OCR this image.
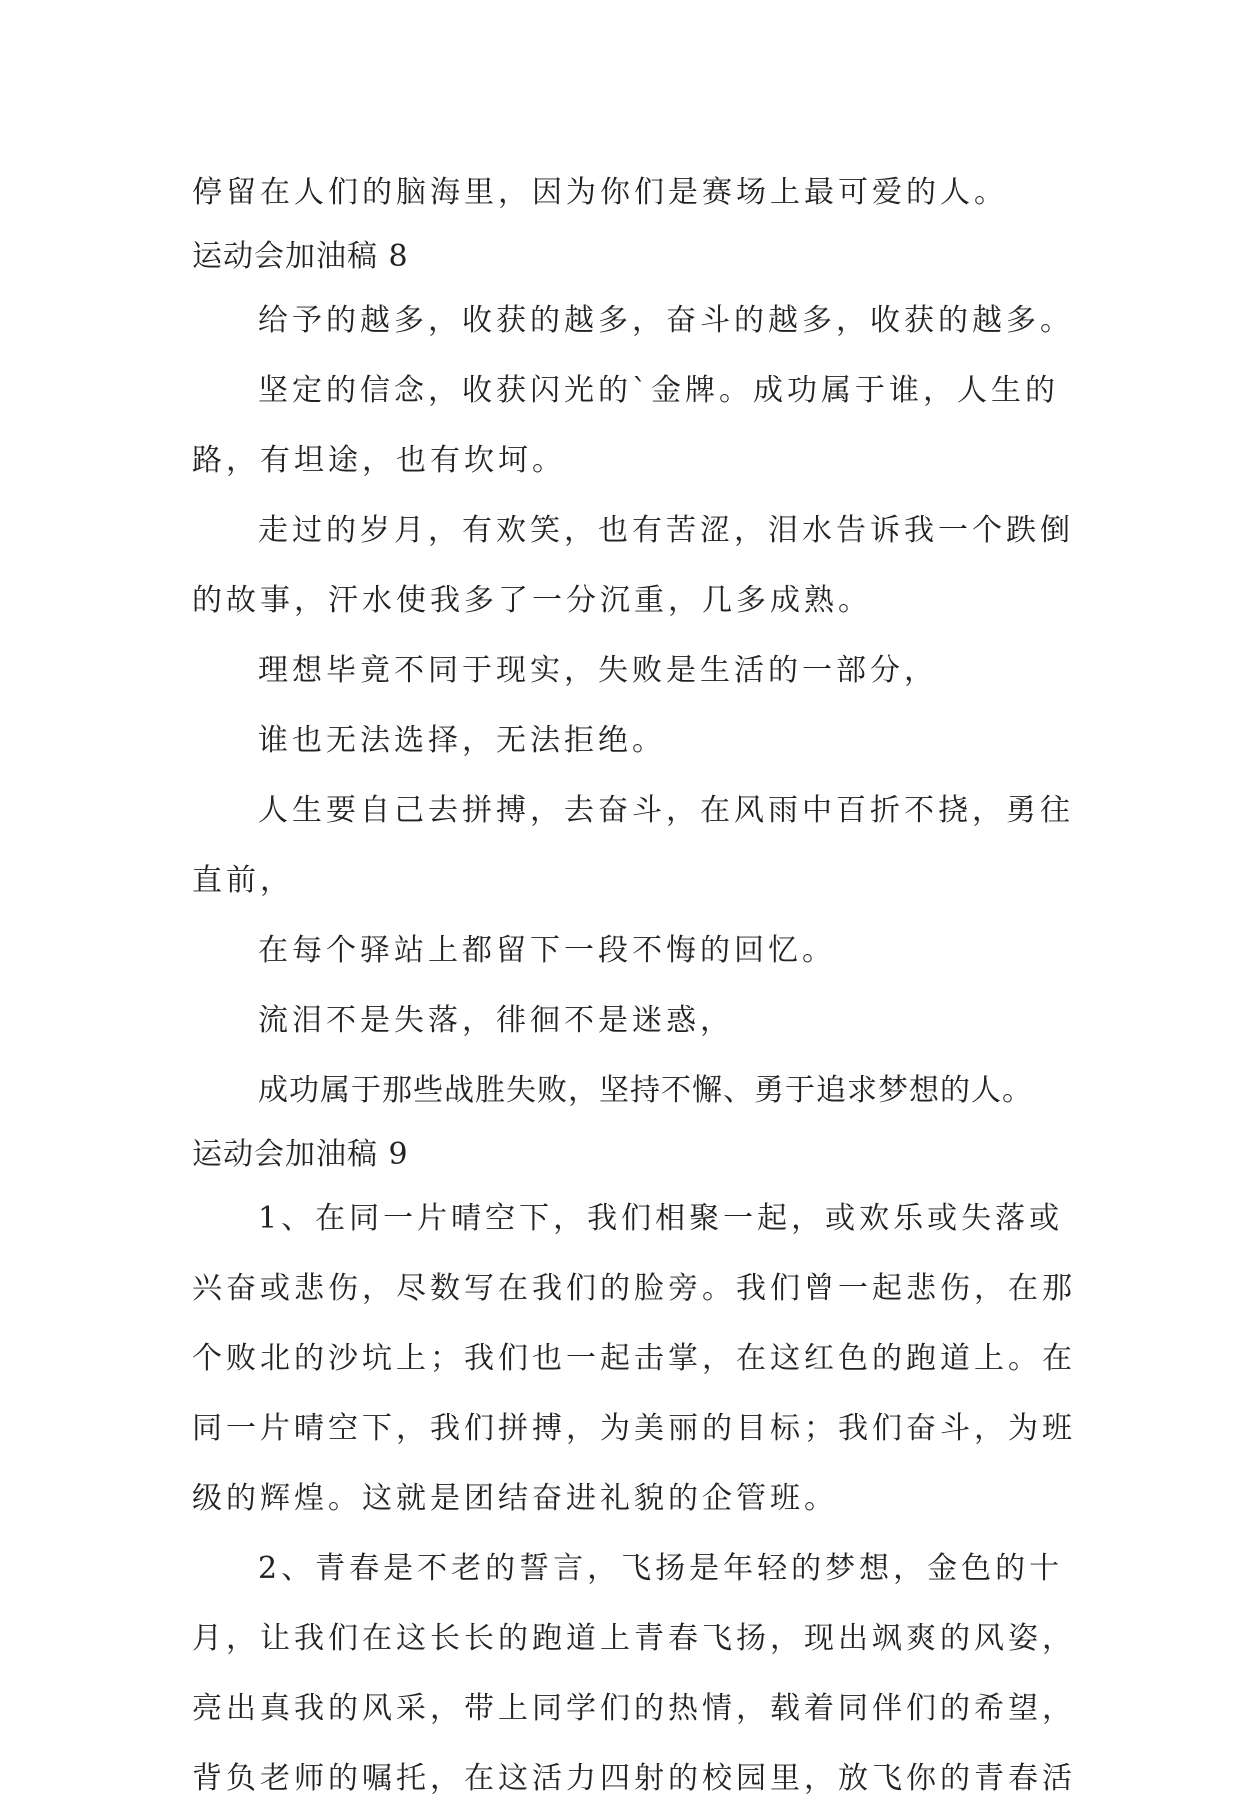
停留在人们的脑海里，因为你们是赛场上最可爱的人。
运动会加油稿 8
给予的越多，收获的越多，奋斗的越多，收获的越多。
坚定的信念，收获闪光的`金牌。成功属于谁，人生的
路，有坦途，也有坎坷。
走过的岁月，有欢笑，也有苦涩，泪水告诉我一个跌倒
的故事，汗水使我多了一分沉重，几多成熟。
理想毕竟不同于现实，失败是生活的一部分，
谁也无法选择，无法拒绝。
人生要自己去拼搏，去奋斗，在风雨中百折不挠，勇往
直前，
在每个驿站上都留下一段不悔的回忆。
流泪不是失落，徘徊不是迷惑，
成功属于那些战胜失败，坚持不懈、勇于追求梦想的人。
运动会加油稿 9
1、在同一片晴空下，我们相聚一起，或欢乐或失落或
兴奋或悲伤，尽数写在我们的脸旁。我们曾一起悲伤，在那
个败北的沙坑上；我们也一起击掌，在这红色的跑道上。在
同一片晴空下，我们拼搏，为美丽的目标；我们奋斗，为班
级的辉煌。这就是团结奋进礼貌的企管班。
2、青春是不老的誓言，飞扬是年轻的梦想，金色的十
月，让我们在这长长的跑道上青春飞扬，现出飒爽的风姿，
亮出真我的风采，带上同学们的热情，载着同伴们的希望，
背负老师的嘱托，在这活力四射的校园里，放飞你的青春活
